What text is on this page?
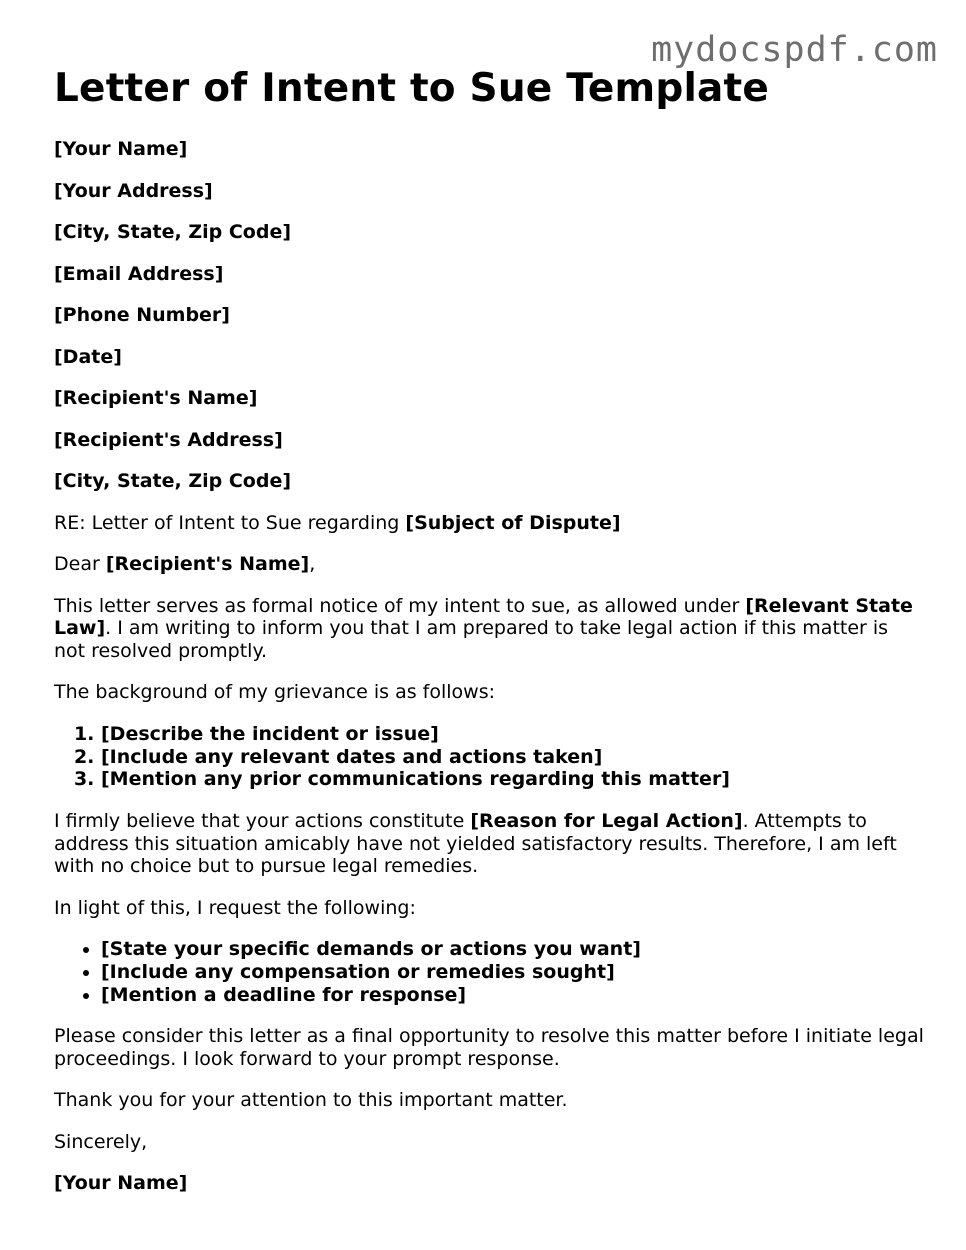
mydocspdf.com
Letter of Intent to Sue Template

[Your Name]

[Your Address]

[City, State, Zip Code]

[Email Address]

[Phone Number]

[Date]

[Recipient's Name]

[Recipient's Address]

[City, State, Zip Code]

RE: Letter of Intent to Sue regarding [Subject of Dispute]

Dear [Recipient's Name],

This letter serves as formal notice of my intent to sue, as allowed under [Relevant State Law]. I am writing to inform you that I am prepared to take legal action if this matter is not resolved promptly.

The background of my grievance is as follows:

1. [Describe the incident or issue]
2. [Include any relevant dates and actions taken]
3. [Mention any prior communications regarding this matter]

I firmly believe that your actions constitute [Reason for Legal Action]. Attempts to address this situation amicably have not yielded satisfactory results. Therefore, I am left with no choice but to pursue legal remedies.

In light of this, I request the following:

• [State your specific demands or actions you want]
• [Include any compensation or remedies sought]
• [Mention a deadline for response]

Please consider this letter as a final opportunity to resolve this matter before I initiate legal proceedings. I look forward to your prompt response.

Thank you for your attention to this important matter.

Sincerely,

[Your Name]
